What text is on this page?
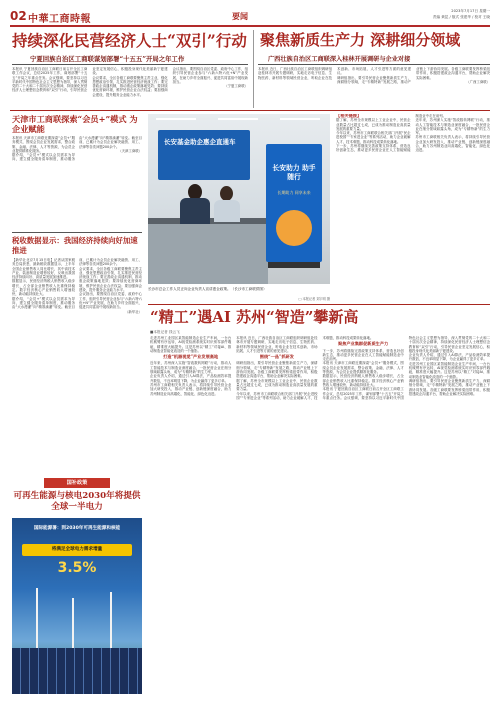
02 中華工商時報	要闻	2023年7月17日 星期一
责编 黄昆 / 版式 张建华 / 校对 王晓
持续深化民营经济人士“双引”行动
宁夏回族自治区工商联谋划部署“十五五”开局之年工作

本报讯 宁夏回族自治区工商联日前召开全区工商联工作会议，总结2025年工作，谋划部署“十五五”开局之年重点任务。会议强调，要坚持以习近平新时代中国特色社会主义思想为指导，深入贯彻党的二十大和二十届历次全会精神，持续深化民营经济人士理想信念教育和“双引”行动，引导民营企业坚定发展信心，积极投身现代化美丽新宁夏建设。

会议要求，全区各级工商联要聚焦主责主业，强化思想政治引领，扎实推进民营经济统战工作；要完善政企沟通机制，推动惠企政策落地见效；要持续优化营商环境，维护民营企业合法权益；要加强商会建设，提升服务企业能力水平。

会议指出，要围绕自治区党委、政府中心工作，组织引导民营企业参与“六新六特六优+N”产业发展，在助力乡村全面振兴、促进共同富裕中展现新担当。

（宁夏工商联）

聚焦新质生产力 深耕细分领域
广西壮族自治区工商联深入桂林开展调研与企业对接

本报讯 近日，广西壮族自治区工商联组织调研组赴桂林市开展专题调研，实地走访电子信息、生物医药、新材料等领域民营企业，听取企业在技术创新、市场拓展、人才引进等方面的意见建议。

调研组指出，要引导民营企业聚焦新质生产力，深耕细分领域，走“专精特新”发展之路，推动产业链上下游协同发展。各级工商联要发挥桥梁纽带作用，积极搭建政企沟通平台，帮助企业解决实际困难。

（广西工商联）

天津市工商联探索“会员+”模式 为企业赋能

本报讯 天津市工商联近期探索“会员+”服务模式，围绕会员企业发展需求，整合政策、金融、法律、人才等资源，为会员企业提供精准化服务。

据介绍，“会员+”模式以会员需求为导向，建立健全服务清单制度，推动服务由“大水漫灌”向“精准滴灌”转变。截至目前，已累计为会员企业解决融资、用工、法律等各类问题200余个。

（天津工商联）

长安基金助企惠企直通车
长安助力 助手随行
长期助力 同享未来
长沙市总会工作人员正向企业负责人宣讲惠企政策。（长沙市工商联供图）
□ 本报记者 刘宇明 摄

【相关链接】

据了解，苏州全市规模以上工业企业中，民营企业数量占比超过七成，已成为推动制造业高质量发展的重要力量。

今年以来，苏州市工商联联合相关部门开展“民企进校园”“专家进企业”等系列活动，助力企业破解人才、技术难题，推动科技成果转化落地。

下一步，苏州将继续完善政策支持体系，营造良好创新生态，推动更多民营企业在人工智能赋能制造业中走在前列。

近年来，苏州深入实施“智改数转网联”行动，推动人工智能技术与制造业深度融合，一批民营企业在细分领域崭露头角，成为“专精特新”的生力军。

苏州市工商联相关负责人表示，将持续引导民营企业加大研发投入，推动产业链、创新链深度融合，助力苏州制造业向高端化、智能化、绿色化迈进。

税收数据显示：我国经济持续向好加速推进

【新华社北京7月15日电】记者从国家税务总局获悉，最新税收数据显示，上半年全国企业销售收入同比增长，其中高技术产业、装备制造业增势较好，反映出我国经济持续向好、高质量发展加速推进。

数据显示，民营经济纳税人销售收入稳步增长，占全部企业销售收入比重保持稳定。数字经济核心产业销售收入增速较快，新动能持续壮大。

据介绍，“会员+”模式以会员需求为导向，建立健全服务清单制度，推动服务由“大水漫灌”向“精准滴灌”转变。截至目前，已累计为会员企业解决融资、用工、法律等各类问题200余个。

会议要求，全区各级工商联要聚焦主责主业，强化思想政治引领，扎实推进民营经济统战工作；要完善政企沟通机制，推动惠企政策落地见效；要持续优化营商环境，维护民营企业合法权益；要加强商会建设，提升服务企业能力水平。

会议指出，要围绕自治区党委、政府中心工作，组织引导民营企业参与“六新六特六优+N”产业发展，在助力乡村全面振兴、促进共同富裕中展现新担当。

（新华社） “精工”遇AI 苏州“智造”攀新高
■本报记者 钱云飞

走进苏州工业园区某智能制造企业生产车间，一台台机械臂有序运转，AI视觉检测系统实时识别零部件瑕疵，精准度大幅提升。这是苏州以“精工”对接AI、推动制造业智能化改造的一个缩影。

打造“机器视觉”产业发展高地

近年来，苏州深入实施“智改数转网联”行动，推动人工智能技术与制造业深度融合，一批民营企业在细分领域崭露头角，成为“专精特新”的生力军。

企业负责人介绍，通过引入AI算法，产品检测效率提升数倍，不良率明显下降，为企业赢得了更多订单。

苏州市工商联相关负责人表示，将持续引导民营企业加大研发投入，推动产业链、创新链深度融合，助力苏州制造业向高端化、智能化、绿色化迈进。

本报讯 近日，广西壮族自治区工商联组织调研组赴桂林市开展专题调研，实地走访电子信息、生物医药、新材料等领域民营企业，听取企业在技术创新、市场拓展、人才引进等方面的意见建议。

围绕“一品”抓研发

调研组指出，要引导民营企业聚焦新质生产力，深耕细分领域，走“专精特新”发展之路，推动产业链上下游协同发展。各级工商联要发挥桥梁纽带作用，积极搭建政企沟通平台，帮助企业解决实际困难。

据了解，苏州全市规模以上工业企业中，民营企业数量占比超过七成，已成为推动制造业高质量发展的重要力量。

今年以来，苏州市工商联联合相关部门开展“民企进校园”“专家进企业”等系列活动，助力企业破解人才、技术难题，推动科技成果转化落地。

聚焦产业集群促新质生产力

下一步，苏州将继续完善政策支持体系，营造良好创新生态，推动更多民营企业在人工智能赋能制造业中走在前列。

本报讯 天津市工商联近期探索“会员+”服务模式，围绕会员企业发展需求，整合政策、金融、法律、人才等资源，为会员企业提供精准化服务。

数据显示，民营经济纳税人销售收入稳步增长，占全部企业销售收入比重保持稳定。数字经济核心产业销售收入增速较快，新动能持续壮大。

本报讯 宁夏回族自治区工商联日前召开全区工商联工作会议，总结2025年工作，谋划部署“十五五”开局之年重点任务。会议强调，要坚持以习近平新时代中国特色社会主义思想为指导，深入贯彻党的二十大和二十届历次全会精神，持续深化民营经济人士理想信念教育和“双引”行动，引导民营企业坚定发展信心，积极投身现代化美丽新宁夏建设。

企业负责人介绍，通过引入AI算法，产品检测效率提升数倍，不良率明显下降，为企业赢得了更多订单。

走进苏州工业园区某智能制造企业生产车间，一台台机械臂有序运转，AI视觉检测系统实时识别零部件瑕疵，精准度大幅提升。这是苏州以“精工”对接AI、推动制造业智能化改造的一个缩影。

调研组指出，要引导民营企业聚焦新质生产力，深耕细分领域，走“专精特新”发展之路，推动产业链上下游协同发展。各级工商联要发挥桥梁纽带作用，积极搭建政企沟通平台，帮助企业解决实际困难。

国补政策
可再生能源与核电2030年将提供全球一半电力
国际能源署：到2030年可再生能源和核能
将满足全球电力需求增量
3.5%
